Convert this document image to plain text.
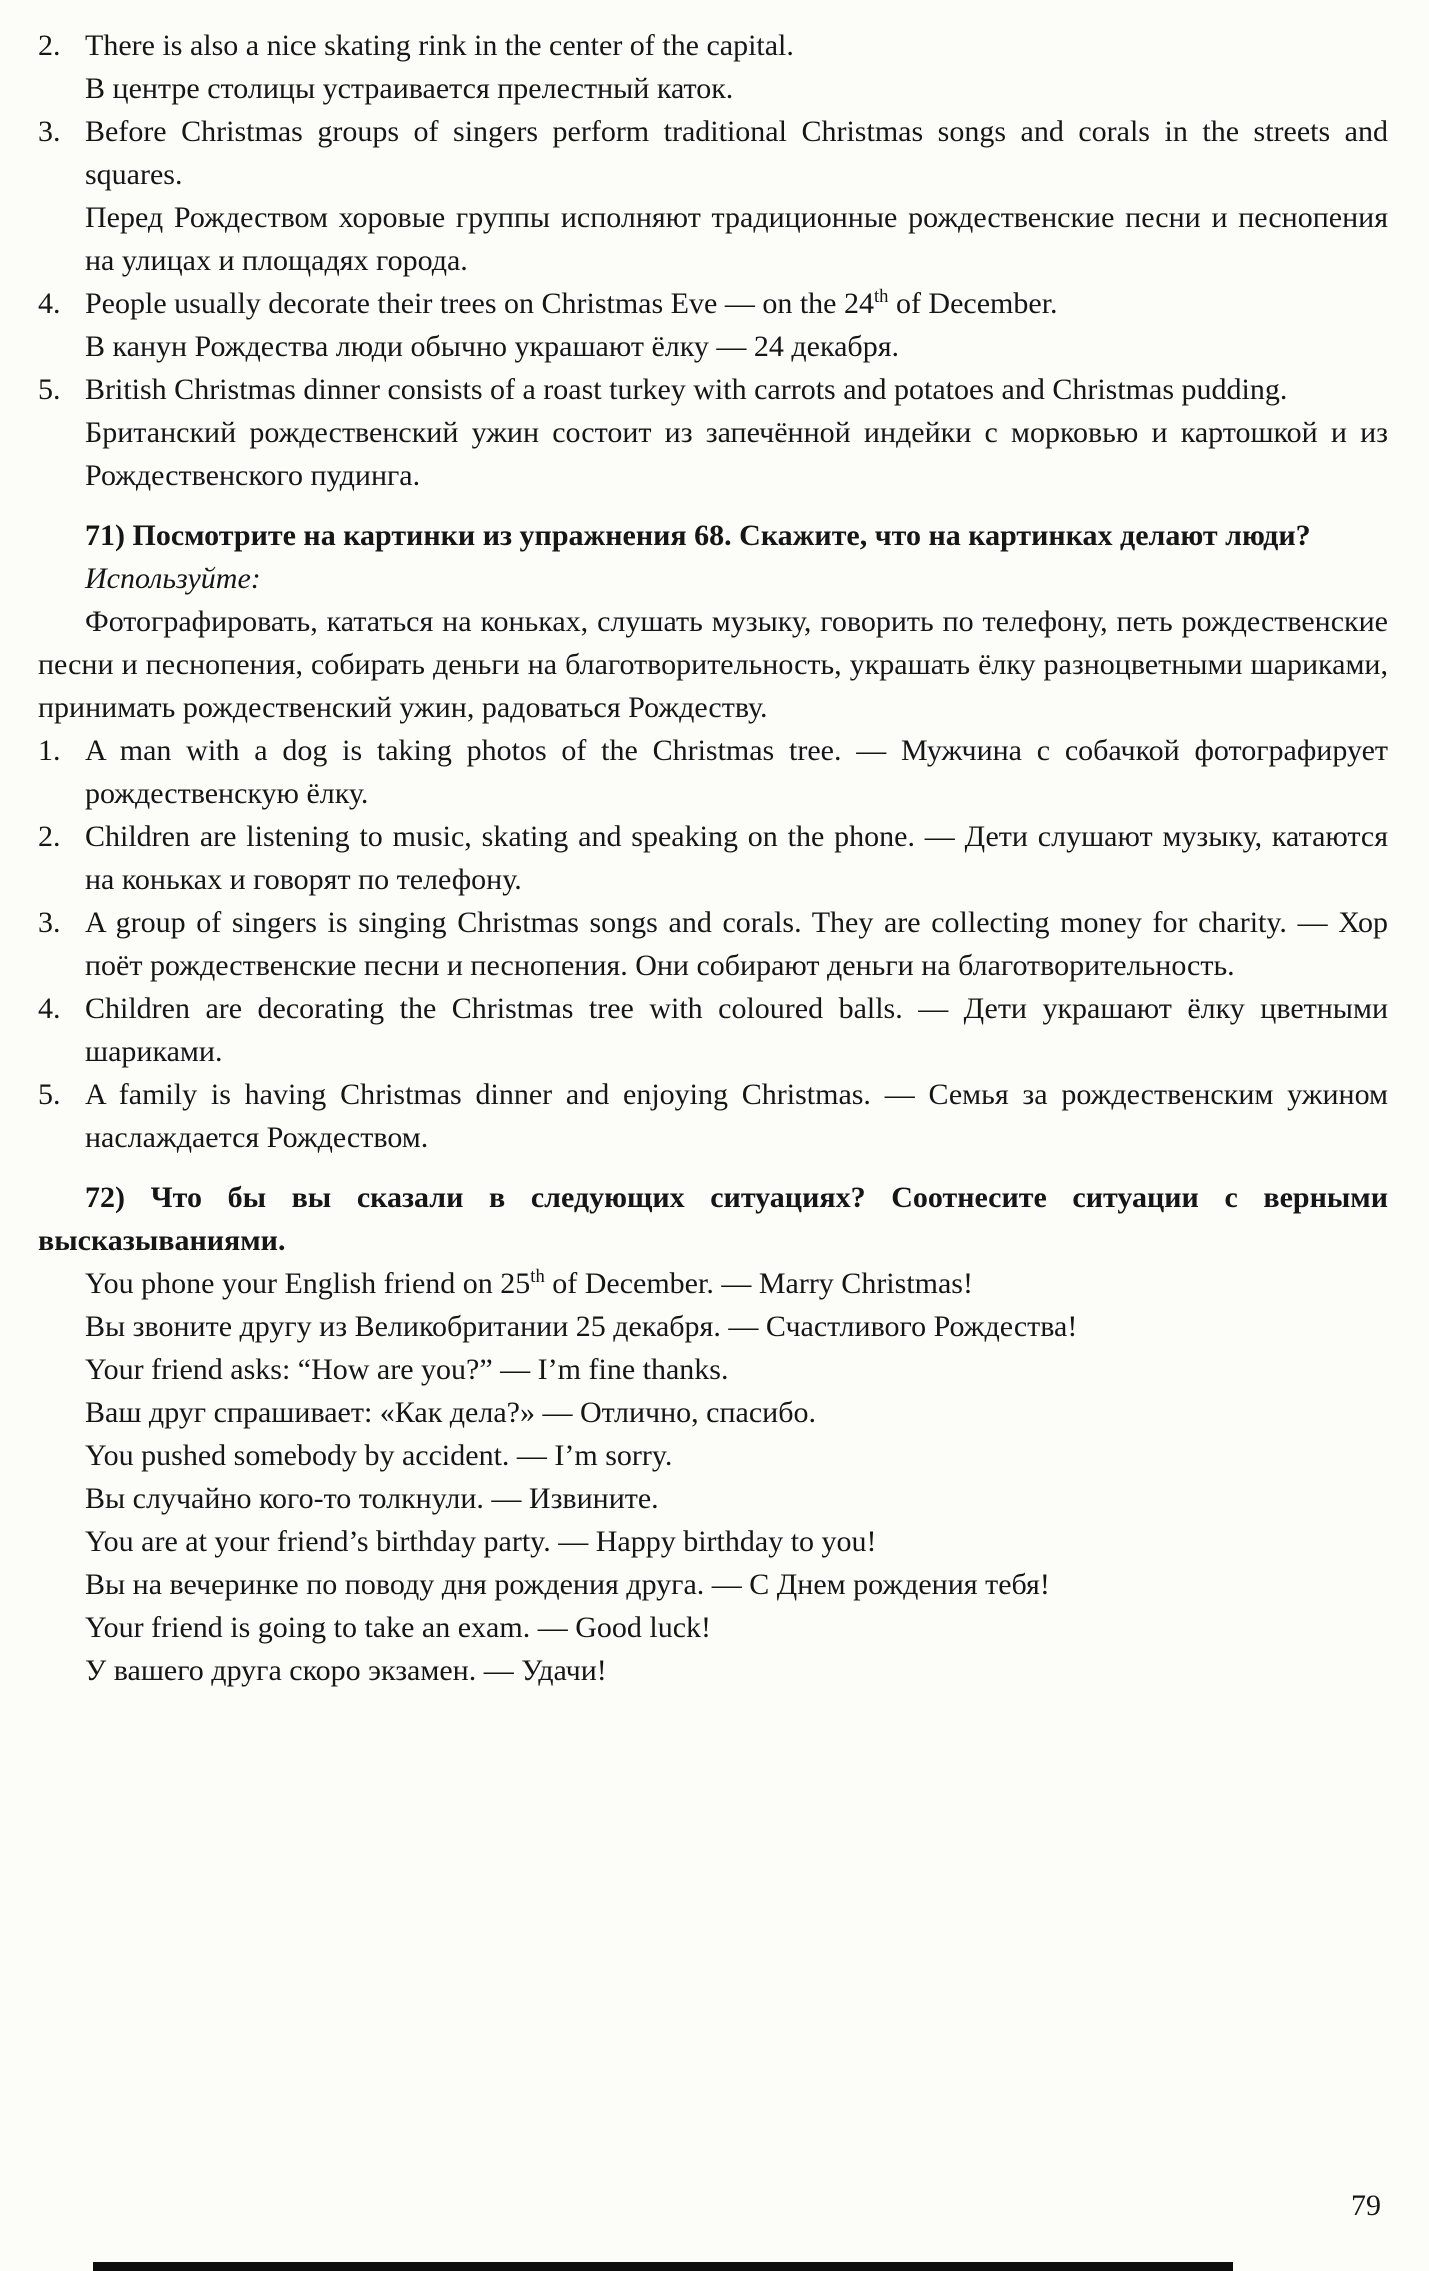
2. There is also a nice skating rink in the center of the capital.

В центре столицы устраивается прелестный каток.

3. Before Christmas groups of singers perform traditional Christmas songs and corals in the streets and squares.

Перед Рождеством хоровые группы исполняют традиционные рождественские песни и песнопения на улицах и площадях города.

4. People usually decorate their trees on Christmas Eve — on the 24th of December.

В канун Рождества люди обычно украшают ёлку — 24 декабря.

5. British Christmas dinner consists of a roast turkey with carrots and potatoes and Christmas pudding.

Британский рождественский ужин состоит из запечённой индейки с морковью и картошкой и из Рождественского пудинга.

71) Посмотрите на картинки из упражнения 68. Скажите, что на картинках делают люди?

Используйте:

Фотографировать, кататься на коньках, слушать музыку, говорить по телефону, петь рождественские песни и песнопения, собирать деньги на благотворительность, украшать ёлку разноцветными шариками, принимать рождественский ужин, радоваться Рождеству.

1. A man with a dog is taking photos of the Christmas tree. — Мужчина с собачкой фотографирует рождественскую ёлку.

2. Children are listening to music, skating and speaking on the phone. — Дети слушают музыку, катаются на коньках и говорят по телефону.

3. A group of singers is singing Christmas songs and corals. They are collecting money for charity. — Хор поёт рождественские песни и песнопения. Они собирают деньги на благотворительность.

4. Children are decorating the Christmas tree with coloured balls. — Дети украшают ёлку цветными шариками.

5. A family is having Christmas dinner and enjoying Christmas. — Семья за рождественским ужином наслаждается Рождеством.

72) Что бы вы сказали в следующих ситуациях? Соотнесите ситуации с верными высказываниями.

You phone your English friend on 25th of December. — Marry Christmas!

Вы звоните другу из Великобритании 25 декабря. — Счастливого Рождества!

Your friend asks: “How are you?” — I’m fine thanks.

Ваш друг спрашивает: «Как дела?» — Отлично, спасибо.

You pushed somebody by accident. — I’m sorry.

Вы случайно кого-то толкнули. — Извините.

You are at your friend’s birthday party. — Happy birthday to you!

Вы на вечеринке по поводу дня рождения друга. — С Днем рождения тебя!

Your friend is going to take an exam. — Good luck!

У вашего друга скоро экзамен. — Удачи!

79
